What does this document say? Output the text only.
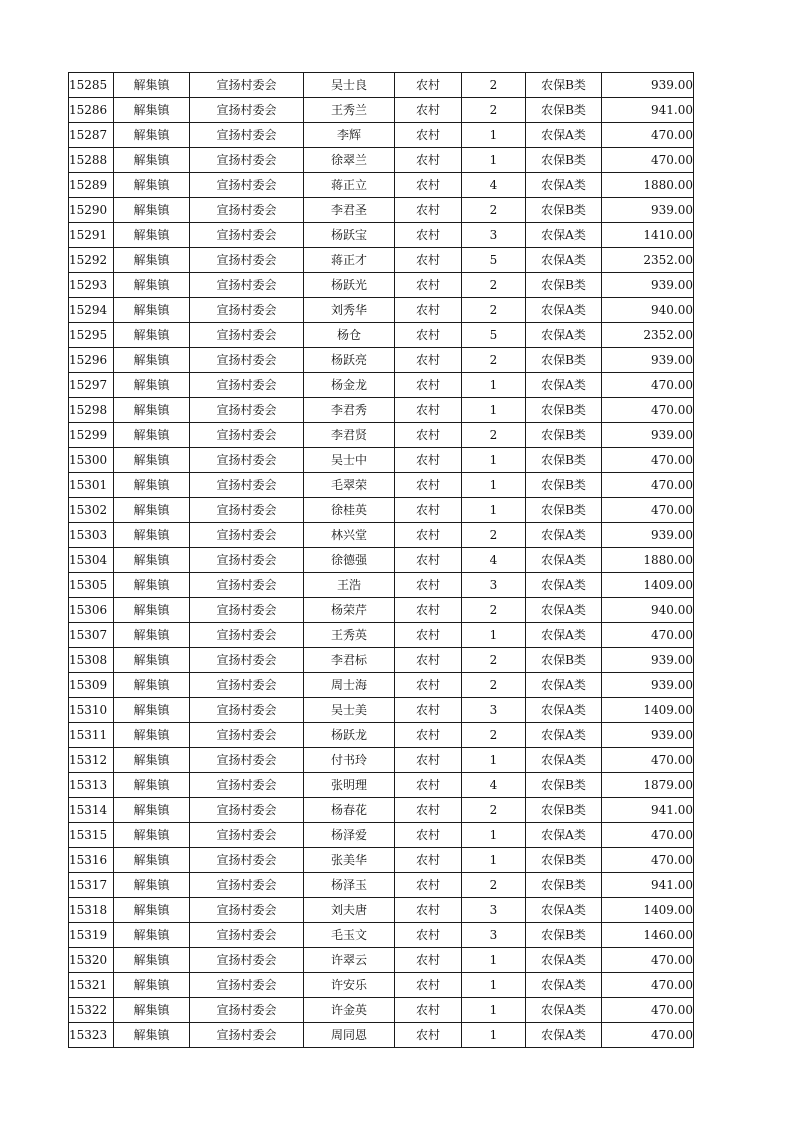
15285	解集镇	宣扬村委会	吴士良	农村	2	农保B类	939.00
15286	解集镇	宣扬村委会	王秀兰	农村	2	农保B类	941.00
15287	解集镇	宣扬村委会	李辉	农村	1	农保A类	470.00
15288	解集镇	宣扬村委会	徐翠兰	农村	1	农保B类	470.00
15289	解集镇	宣扬村委会	蒋正立	农村	4	农保A类	1880.00
15290	解集镇	宣扬村委会	李君圣	农村	2	农保B类	939.00
15291	解集镇	宣扬村委会	杨跃宝	农村	3	农保A类	1410.00
15292	解集镇	宣扬村委会	蒋正才	农村	5	农保A类	2352.00
15293	解集镇	宣扬村委会	杨跃光	农村	2	农保B类	939.00
15294	解集镇	宣扬村委会	刘秀华	农村	2	农保A类	940.00
15295	解集镇	宣扬村委会	杨仓	农村	5	农保A类	2352.00
15296	解集镇	宣扬村委会	杨跃亮	农村	2	农保B类	939.00
15297	解集镇	宣扬村委会	杨金龙	农村	1	农保A类	470.00
15298	解集镇	宣扬村委会	李君秀	农村	1	农保B类	470.00
15299	解集镇	宣扬村委会	李君贤	农村	2	农保B类	939.00
15300	解集镇	宣扬村委会	吴士中	农村	1	农保B类	470.00
15301	解集镇	宣扬村委会	毛翠荣	农村	1	农保B类	470.00
15302	解集镇	宣扬村委会	徐桂英	农村	1	农保B类	470.00
15303	解集镇	宣扬村委会	林兴堂	农村	2	农保A类	939.00
15304	解集镇	宣扬村委会	徐德强	农村	4	农保A类	1880.00
15305	解集镇	宣扬村委会	王浩	农村	3	农保A类	1409.00
15306	解集镇	宣扬村委会	杨荣芹	农村	2	农保A类	940.00
15307	解集镇	宣扬村委会	王秀英	农村	1	农保A类	470.00
15308	解集镇	宣扬村委会	李君标	农村	2	农保B类	939.00
15309	解集镇	宣扬村委会	周士海	农村	2	农保A类	939.00
15310	解集镇	宣扬村委会	吴士美	农村	3	农保A类	1409.00
15311	解集镇	宣扬村委会	杨跃龙	农村	2	农保A类	939.00
15312	解集镇	宣扬村委会	付书玲	农村	1	农保A类	470.00
15313	解集镇	宣扬村委会	张明理	农村	4	农保B类	1879.00
15314	解集镇	宣扬村委会	杨春花	农村	2	农保B类	941.00
15315	解集镇	宣扬村委会	杨泽爱	农村	1	农保A类	470.00
15316	解集镇	宣扬村委会	张美华	农村	1	农保B类	470.00
15317	解集镇	宣扬村委会	杨泽玉	农村	2	农保B类	941.00
15318	解集镇	宣扬村委会	刘夫唐	农村	3	农保A类	1409.00
15319	解集镇	宣扬村委会	毛玉文	农村	3	农保B类	1460.00
15320	解集镇	宣扬村委会	许翠云	农村	1	农保A类	470.00
15321	解集镇	宣扬村委会	许安乐	农村	1	农保A类	470.00
15322	解集镇	宣扬村委会	许金英	农村	1	农保A类	470.00
15323	解集镇	宣扬村委会	周同恩	农村	1	农保A类	470.00
